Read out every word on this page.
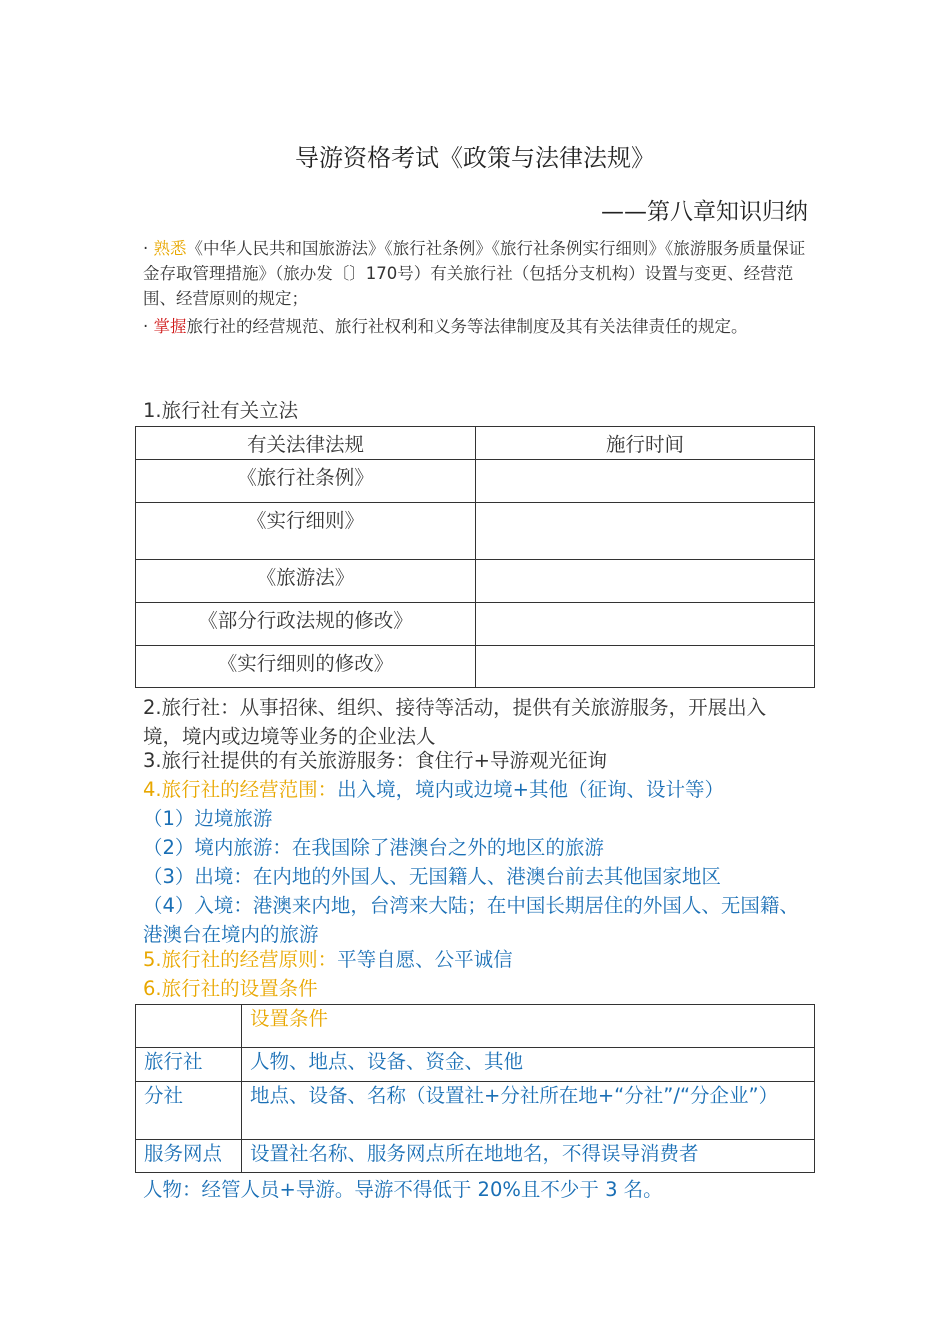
导游资格考试《政策与法律法规》
——第八章知识归纳
· 熟悉《中华人民共和国旅游法》《旅行社条例》《旅行社条例实行细则》《旅游服务质量保证金存取管理措施》（旅办发〔〕170号）有关旅行社（包括分支机构）设置与变更、经营范围、经营原则的规定；
· 掌握旅行社的经营规范、旅行社权利和义务等法律制度及其有关法律责任的规定。
1.旅行社有关立法
有关法律法规	施行时间
《旅行社条例》	
《实行细则》	
《旅游法》	
《部分行政法规的修改》	
《实行细则的修改》	
2.旅行社：从事招徕、组织、接待等活动，提供有关旅游服务，开展出入境，境内或边境等业务的企业法人
3.旅行社提供的有关旅游服务：食住行+导游观光征询
4.旅行社的经营范围：出入境，境内或边境+其他（征询、设计等）
（1）边境旅游
（2）境内旅游：在我国除了港澳台之外的地区的旅游
（3）出境：在内地的外国人、无国籍人、港澳台前去其他国家地区
（4）入境：港澳来内地，台湾来大陆；在中国长期居住的外国人、无国籍、港澳台在境内的旅游
5.旅行社的经营原则：平等自愿、公平诚信
6.旅行社的设置条件
	设置条件
旅行社	人物、地点、设备、资金、其他
分社	地点、设备、名称（设置社+分社所在地+“分社”/“分企业”）
服务网点	设置社名称、服务网点所在地地名，不得误导消费者
人物：经管人员+导游。导游不得低于 20%且不少于 3 名。
